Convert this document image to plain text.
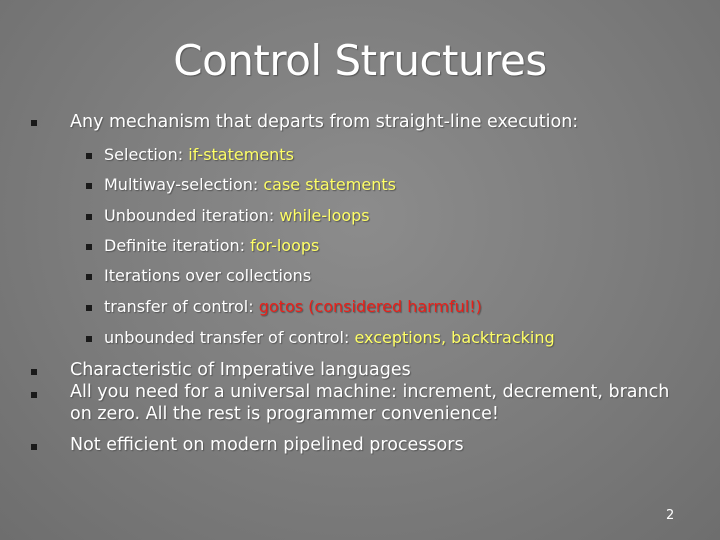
Control Structures
Any mechanism that departs from straight-line execution:
Selection: if-statements
Multiway-selection: case statements
Unbounded iteration: while-loops
Definite iteration: for-loops
Iterations over collections
transfer of control: gotos (considered harmful!)
unbounded transfer of control: exceptions, backtracking
Characteristic of Imperative languages
All you need for a universal machine: increment, decrement, branch
on zero. All the rest is programmer convenience!
Not efficient on modern pipelined processors
2
